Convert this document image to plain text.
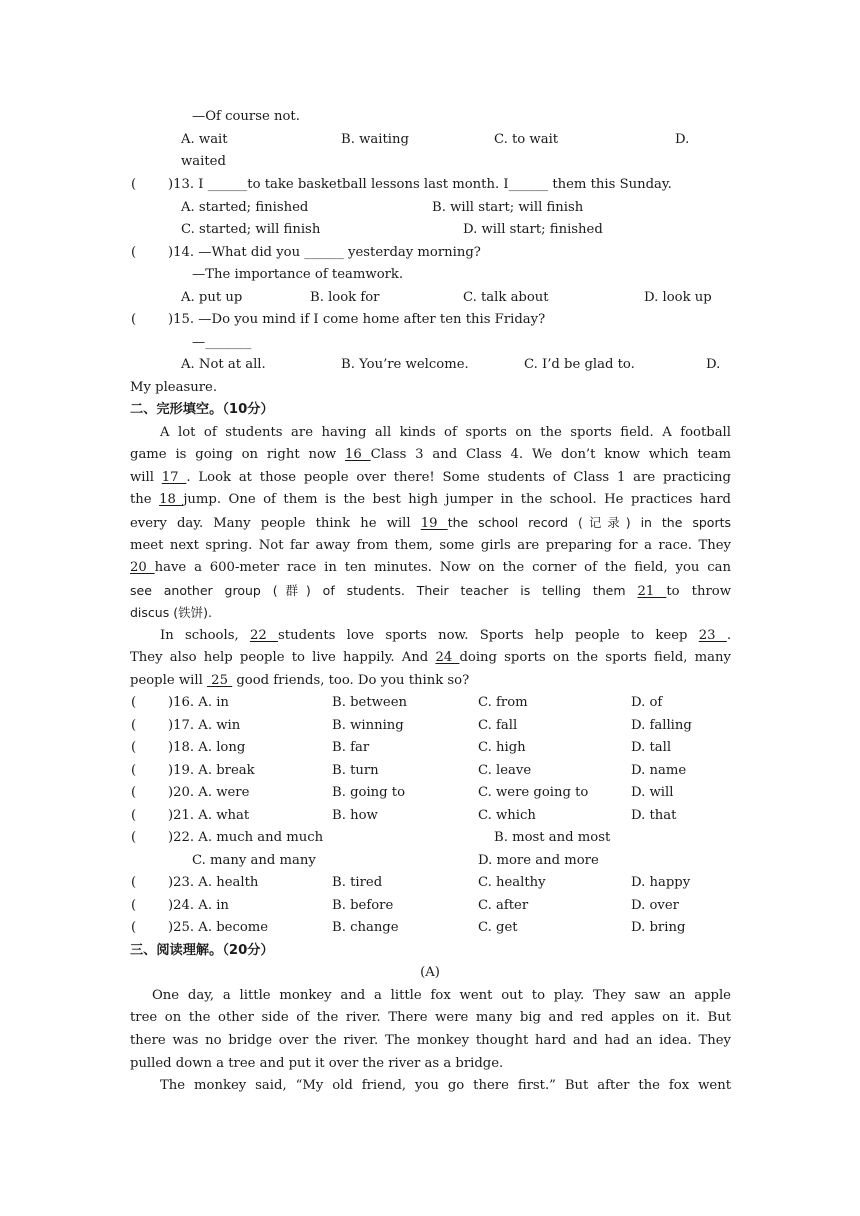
—Of course not.
A. wait	B. waiting	C. to wait	D.
waited
( )13. I ______to take basketball lessons last month. I______ them this Sunday.
A. started; finished	B. will start; will finish
C. started; will finish	D. will start; finished
( )14. —What did you ______ yesterday morning?
—The importance of teamwork.
A. put up	B. look for	C. talk about	D. look up
( )15. —Do you mind if I come home after ten this Friday?
—_______
A. Not at all.	B. You’re welcome.	C. I’d be glad to.	D.
My pleasure.
二、完形填空。（10分）
A lot of students are having all kinds of sports on the sports field. A football
game is going on right now 16 Class 3 and Class 4. We don’t know which team
will 17 . Look at those people over there! Some students of Class 1 are practicing
the 18 jump. One of them is the best high jumper in the school. He practices hard
every day. Many people think he will 19 the school record (记录) in the sports
meet next spring. Not far away from them, some girls are preparing for a race. They
20 have a 600-meter race in ten minutes. Now on the corner of the field, you can
see another group (群) of students. Their teacher is telling them 21 to throw
discus (铁饼).
In schools, 22 students love sports now. Sports help people to keep 23 .
They also help people to live happily. And 24 doing sports on the sports field, many
people will  25  good friends, too. Do you think so?
( )16. A. in	B. between	C. from	D. of
( )17. A. win	B. winning	C. fall	D. falling
( )18. A. long	B. far	C. high	D. tall
( )19. A. break	B. turn	C. leave	D. name
( )20. A. were	B. going to	C. were going to	D. will
( )21. A. what	B. how	C. which	D. that
( )22. A. much and much	B. most and most
C. many and many	D. more and more
( )23. A. health	B. tired	C. healthy	D. happy
( )24. A. in	B. before	C. after	D. over
( )25. A. become	B. change	C. get	D. bring
三、阅读理解。（20分）
(A)
One day, a little monkey and a little fox went out to play. They saw an apple
tree on the other side of the river. There were many big and red apples on it. But
there was no bridge over the river. The monkey thought hard and had an idea. They
pulled down a tree and put it over the river as a bridge.
The monkey said, “My old friend, you go there first.” But after the fox went
